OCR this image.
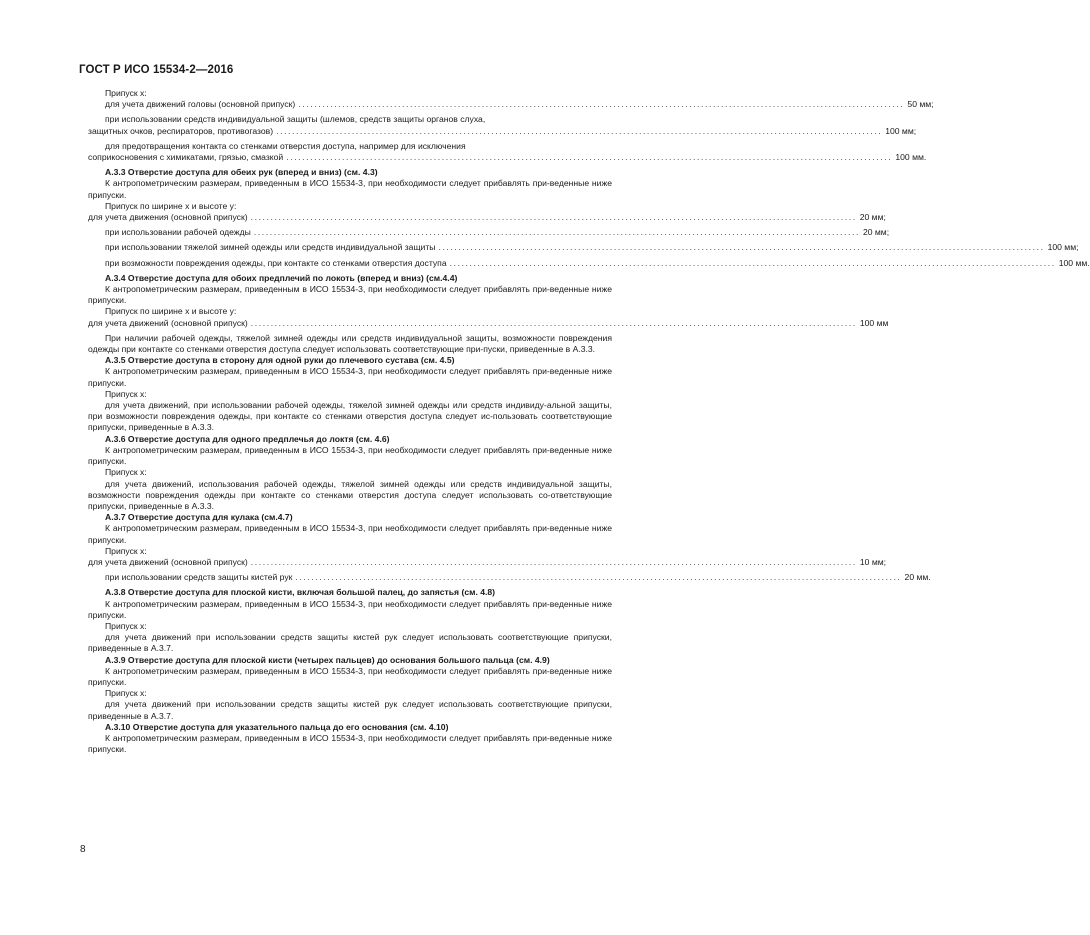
ГОСТ Р ИСО 15534-2—2016
Припуск x:
для учета движений головы (основной припуск) ........................................................................................................................................................ 50 мм;
при использовании средств индивидуальной защиты (шлемов, средств защиты органов слуха,
защитных очков, респираторов, противогазов) ........................................................................................................................................................ 100 мм;
для предотвращения контакта со стенками отверстия доступа, например для исключения
соприкосновения с химикатами, грязью, смазкой ........................................................................................................................................................ 100 мм.
А.3.3 Отверстие доступа для обеих рук (вперед и вниз) (см. 4.3)
К антропометрическим размерам, приведенным в ИСО 15534-3, при необходимости следует прибавлять при-веденные ниже припуски.
Припуск по ширине x и высоте y:
для учета движения (основной припуск) ........................................................................................................................................................ 20 мм;
при использовании рабочей одежды ........................................................................................................................................................ 20 мм;
при использовании тяжелой зимней одежды или средств индивидуальной защиты ........................................................................................................................................................ 100 мм;
при возможности повреждения одежды, при контакте со стенками отверстия доступа ........................................................................................................................................................ 100 мм.
А.3.4 Отверстие доступа для обоих предплечий по локоть (вперед и вниз) (см.4.4)
К антропометрическим размерам, приведенным в ИСО 15534-3, при необходимости следует прибавлять при-веденные ниже припуски.
Припуск по ширине x и высоте y:
для учета движений (основной припуск) ........................................................................................................................................................ 100 мм
При наличии рабочей одежды, тяжелой зимней одежды или средств индивидуальной защиты, возможности повреждения одежды при контакте со стенками отверстия доступа следует использовать соответствующие при-пуски, приведенные в А.3.3.
А.3.5 Отверстие доступа в сторону для одной руки до плечевого сустава (см. 4.5)
К антропометрическим размерам, приведенным в ИСО 15534-3, при необходимости следует прибавлять при-веденные ниже припуски.
Припуск x:
для учета движений, при использовании рабочей одежды, тяжелой зимней одежды или средств индивиду-альной защиты, при возможности повреждения одежды, при контакте со стенками отверстия доступа следует ис-пользовать соответствующие припуски, приведенные в А.3.3.
А.3.6 Отверстие доступа для одного предплечья до локтя (см. 4.6)
К антропометрическим размерам, приведенным в ИСО 15534-3, при необходимости следует прибавлять при-веденные ниже припуски.
Припуск x:
для учета движений, использования рабочей одежды, тяжелой зимней одежды или средств индивидуальной защиты, возможности повреждения одежды при контакте со стенками отверстия доступа следует использовать со-ответствующие припуски, приведенные в А.3.3.
А.3.7 Отверстие доступа для кулака (см.4.7)
К антропометрическим размерам, приведенным в ИСО 15534-3, при необходимости следует прибавлять при-веденные ниже припуски.
Припуск x:
для учета движений (основной припуск) ........................................................................................................................................................ 10 мм;
при использовании средств защиты кистей рук ........................................................................................................................................................ 20 мм.
А.3.8 Отверстие доступа для плоской кисти, включая большой палец, до запястья (см. 4.8)
К антропометрическим размерам, приведенным в ИСО 15534-3, при необходимости следует прибавлять при-веденные ниже припуски.
Припуск x:
для учета движений при использовании средств защиты кистей рук следует использовать соответствующие припуски, приведенные в А.3.7.
А.3.9 Отверстие доступа для плоской кисти (четырех пальцев) до основания большого пальца (см. 4.9)
К антропометрическим размерам, приведенным в ИСО 15534-3, при необходимости следует прибавлять при-веденные ниже припуски.
Припуск x:
для учета движений при использовании средств защиты кистей рук следует использовать соответствующие припуски, приведенные в А.3.7.
А.3.10 Отверстие доступа для указательного пальца до его основания (см. 4.10)
К антропометрическим размерам, приведенным в ИСО 15534-3, при необходимости следует прибавлять при-веденные ниже припуски.
8
